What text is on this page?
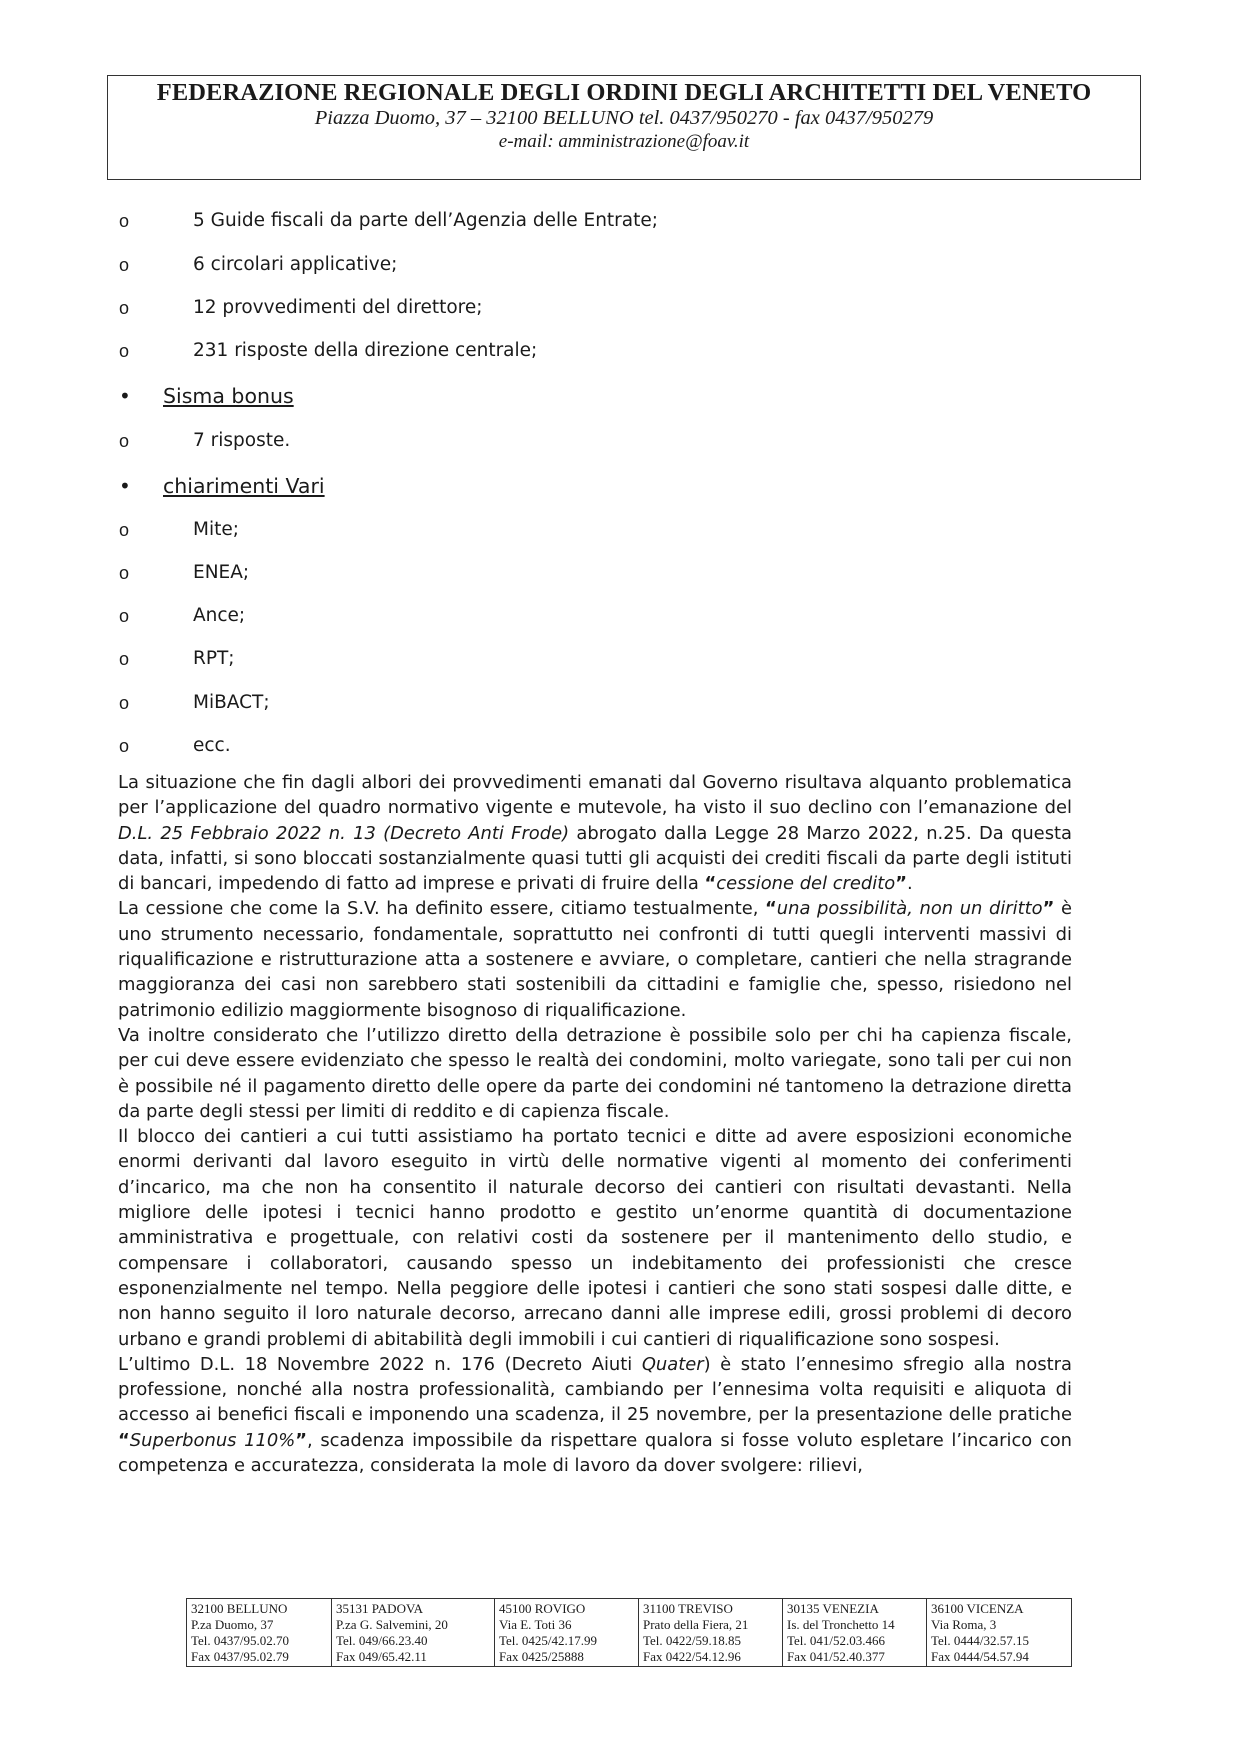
FEDERAZIONE REGIONALE DEGLI ORDINI DEGLI ARCHITETTI DEL VENETO
Piazza Duomo, 37 – 32100 BELLUNO tel. 0437/950270 - fax 0437/950279
e-mail: amministrazione@foav.it
o	5 Guide fiscali da parte dell’Agenzia delle Entrate;
o	6 circolari applicative;
o	12 provvedimenti del direttore;
o	231 risposte della direzione centrale;
•	Sisma bonus
o	7 risposte.
•	chiarimenti Vari
o	Mite;
o	ENEA;
o	Ance;
o	RPT;
o	MiBACT;
o	ecc.

La situazione che fin dagli albori dei provvedimenti emanati dal Governo risultava alquanto problematica per l’applicazione del quadro normativo vigente e mutevole, ha visto il suo declino con l’emanazione del D.L. 25 Febbraio 2022 n. 13 (Decreto Anti Frode) abrogato dalla Legge 28 Marzo 2022, n.25. Da questa data, infatti, si sono bloccati sostanzialmente quasi tutti gli acquisti dei crediti fiscali da parte degli istituti di bancari, impedendo di fatto ad imprese e privati di fruire della “cessione del credito”.

La cessione che come la S.V. ha definito essere, citiamo testualmente, “una possibilità, non un diritto” è uno strumento necessario, fondamentale, soprattutto nei confronti di tutti quegli interventi massivi di riqualificazione e ristrutturazione atta a sostenere e avviare, o completare, cantieri che nella stragrande maggioranza dei casi non sarebbero stati sostenibili da cittadini e famiglie che, spesso, risiedono nel patrimonio edilizio maggiormente bisognoso di riqualificazione.

Va inoltre considerato che l’utilizzo diretto della detrazione è possibile solo per chi ha capienza fiscale, per cui deve essere evidenziato che spesso le realtà dei condomini, molto variegate, sono tali per cui non è possibile né il pagamento diretto delle opere da parte dei condomini né tantomeno la detrazione diretta da parte degli stessi per limiti di reddito e di capienza fiscale.

Il blocco dei cantieri a cui tutti assistiamo ha portato tecnici e ditte ad avere esposizioni economiche enormi derivanti dal lavoro eseguito in virtù delle normative vigenti al momento dei conferimenti d’incarico, ma che non ha consentito il naturale decorso dei cantieri con risultati devastanti. Nella migliore delle ipotesi i tecnici hanno prodotto e gestito un’enorme quantità di documentazione amministrativa e progettuale, con relativi costi da sostenere per il mantenimento dello studio, e compensare i collaboratori, causando spesso un indebitamento dei professionisti che cresce esponenzialmente nel tempo. Nella peggiore delle ipotesi i cantieri che sono stati sospesi dalle ditte, e non hanno seguito il loro naturale decorso, arrecano danni alle imprese edili, grossi problemi di decoro urbano e grandi problemi di abitabilità degli immobili i cui cantieri di riqualificazione sono sospesi.

L’ultimo D.L. 18 Novembre 2022 n. 176 (Decreto Aiuti Quater) è stato l’ennesimo sfregio alla nostra professione, nonché alla nostra professionalità, cambiando per l’ennesima volta requisiti e aliquota di accesso ai benefici fiscali e imponendo una scadenza, il 25 novembre, per la presentazione delle pratiche “Superbonus 110%”, scadenza impossibile da rispettare qualora si fosse voluto espletare l’incarico con competenza e accuratezza, considerata la mole di lavoro da dover svolgere: rilievi,

32100 BELLUNO
P.za Duomo, 37
Tel. 0437/95.02.70
Fax 0437/95.02.79

35131 PADOVA
P.za G. Salvemini, 20
Tel. 049/66.23.40
Fax 049/65.42.11

45100 ROVIGO
Via E. Toti 36
Tel. 0425/42.17.99
Fax 0425/25888

31100 TREVISO
Prato della Fiera, 21
Tel. 0422/59.18.85
Fax 0422/54.12.96

30135 VENEZIA
Is. del Tronchetto 14
Tel. 041/52.03.466
Fax 041/52.40.377

36100 VICENZA
Via Roma, 3
Tel. 0444/32.57.15
Fax 0444/54.57.94
